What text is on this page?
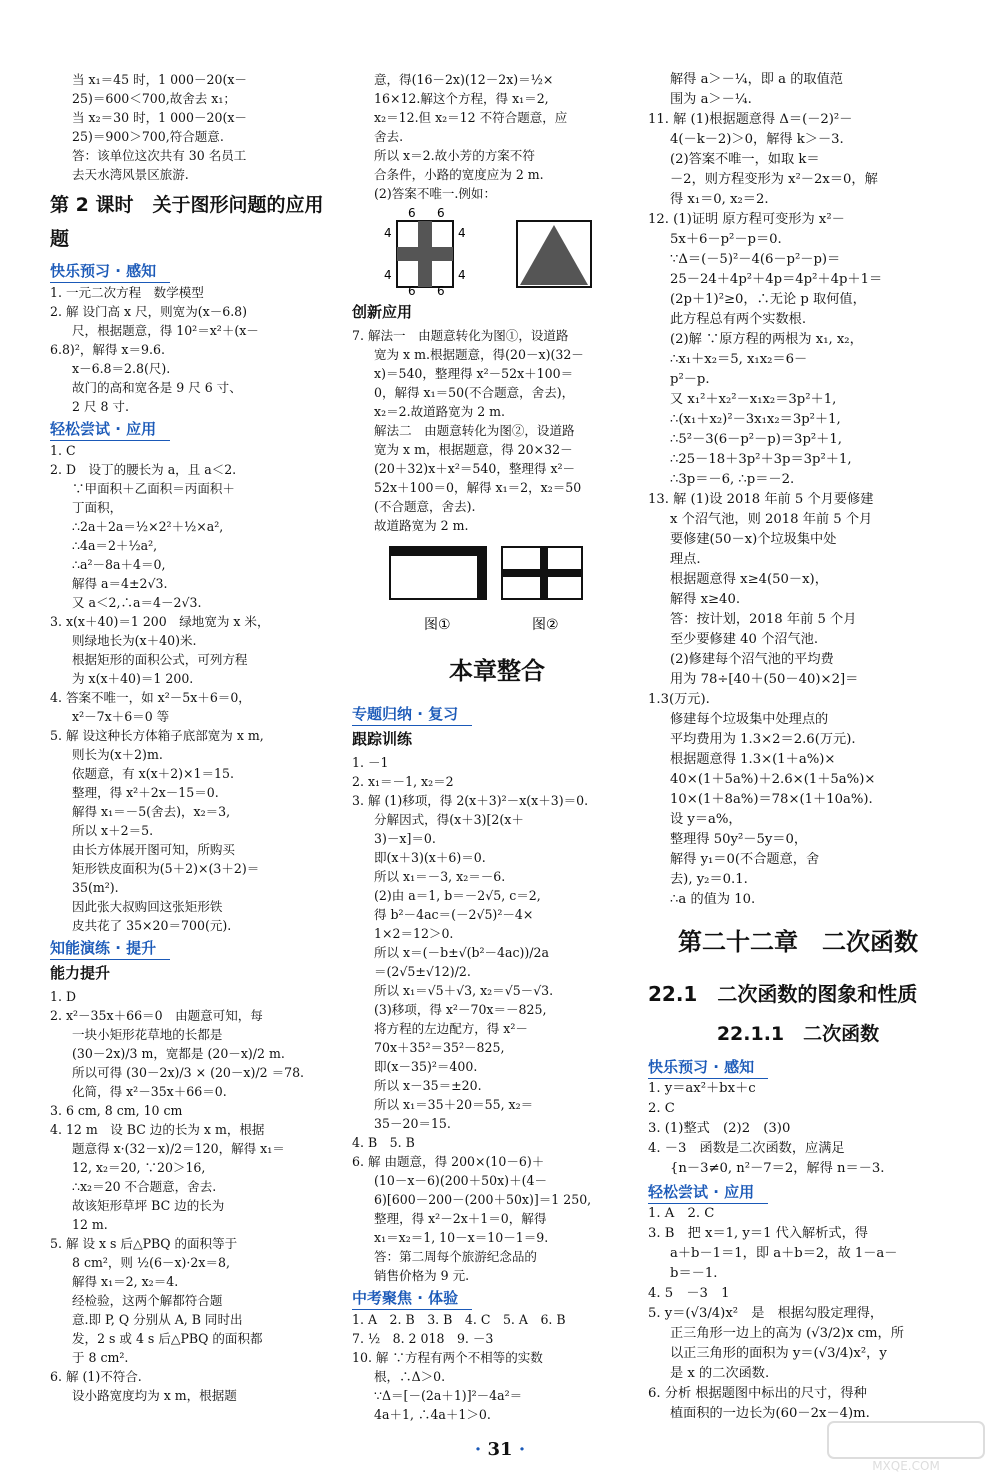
当 x₁＝45 时，1 000－20(x－
25)＝600＜700,故舍去 x₁；
当 x₂＝30 时，1 000－20(x－
25)＝900＞700,符合题意.
答：该单位这次共有 30 名员工
去天水湾风景区旅游.
第 2 课时　关于图形问题的应用题
快乐预习 · 感知
1. 一元二次方程　数学模型
2. 解 设门高 x 尺，则宽为(x－6.8)
尺，根据题意，得 10²＝x²＋(x－
6.8)²，解得 x＝9.6.
x－6.8＝2.8(尺).
故门的高和宽各是 9 尺 6 寸、
2 尺 8 寸.
轻松尝试 · 应用
1. C
2. D　设丁的腰长为 a，且 a＜2.
∵甲面积＋乙面积＝丙面积＋
丁面积，
∴2a＋2a＝½×2²＋½×a²,
∴4a＝2＋½a²,
∴a²－8a＋4＝0,
解得 a＝4±2√3.
又 a＜2,∴a＝4－2√3.
3. x(x＋40)＝1 200　绿地宽为 x 米，
则绿地长为(x＋40)米.
根据矩形的面积公式，可列方程
为 x(x＋40)＝1 200.
4. 答案不唯一，如 x²－5x＋6＝0，
x²－7x＋6＝0 等
5. 解 设这种长方体箱子底部宽为 x m,
则长为(x＋2)m.
依题意，有 x(x＋2)×1＝15.
整理，得 x²＋2x－15＝0.
解得 x₁＝－5(舍去)，x₂＝3,
所以 x＋2＝5.
由长方体展开图可知，所购买
矩形铁皮面积为(5＋2)×(3＋2)＝
35(m²).
因此张大叔购回这张矩形铁
皮共花了 35×20＝700(元).
知能演练 · 提升
能力提升
1. D
2. x²－35x＋66＝0　由题意可知，每
一块小矩形花草地的长都是
(30－2x)/3 m，宽都是 (20－x)/2 m.
所以可得 (30－2x)/3 × (20－x)/2 ＝78.
化简，得 x²－35x＋66＝0.
3. 6 cm, 8 cm, 10 cm
4. 12 m　设 BC 边的长为 x m，根据
题意得 x·(32－x)/2＝120，解得 x₁＝
12, x₂＝20, ∵20＞16,
∴x₂＝20 不合题意，舍去.
故该矩形草坪 BC 边的长为
12 m.
5. 解 设 x s 后△PBQ 的面积等于
8 cm²，则 ½(6－x)·2x＝8,
解得 x₁＝2, x₂＝4.
经检验，这两个解都符合题
意.即 P, Q 分别从 A, B 同时出
发，2 s 或 4 s 后△PBQ 的面积都
于 8 cm².
6. 解 (1)不符合.
设小路宽度均为 x m，根据题
意，得(16－2x)(12－2x)＝½×
16×12.解这个方程，得 x₁＝2,
x₂＝12.但 x₂＝12 不符合题意，应
舍去.
所以 x＝2.故小芳的方案不符
合条件，小路的宽度应为 2 m.
(2)答案不唯一.例如：
6 6
4
4
4
4
6 6
创新应用
7. 解法一　由题意转化为图①，设道路
宽为 x m.根据题意，得(20－x)(32－
x)＝540，整理得 x²－52x＋100＝
0，解得 x₁＝50(不合题意，舍去)，
x₂＝2.故道路宽为 2 m.
解法二　由题意转化为图②，设道路
宽为 x m，根据题意，得 20×32－
(20＋32)x＋x²＝540，整理得 x²－
52x＋100＝0，解得 x₁＝2，x₂＝50
(不合题意，舍去).
故道路宽为 2 m.
图①	图②
本章整合
专题归纳 · 复习
跟踪训练
1. －1
2. x₁＝－1, x₂＝2
3. 解 (1)移项，得 2(x＋3)²－x(x＋3)＝0.
分解因式，得(x＋3)[2(x＋
3)－x]＝0.
即(x＋3)(x＋6)＝0.
所以 x₁＝－3, x₂＝－6.
(2)由 a＝1, b＝－2√5, c＝2,
得 b²－4ac＝(－2√5)²－4×
1×2＝12＞0.
所以 x＝(－b±√(b²－4ac))/2a
＝(2√5±√12)/2.
所以 x₁＝√5＋√3, x₂＝√5－√3.
(3)移项，得 x²－70x＝－825,
将方程的左边配方，得 x²－
70x＋35²＝35²－825,
即(x－35)²＝400.
所以 x－35＝±20.
所以 x₁＝35＋20＝55, x₂＝
35－20＝15.
4. B　5. B
6. 解 由题意，得 200×(10－6)＋
(10－x－6)(200＋50x)＋(4－
6)[600－200－(200＋50x)]＝1 250,
整理，得 x²－2x＋1＝0，解得
x₁＝x₂＝1, 10－x＝10－1＝9.
答：第二周每个旅游纪念品的
销售价格为 9 元.
中考聚焦 · 体验
1. A　2. B　3. B　4. C　5. A　6. B
7. ½　8. 2 018　9. －3
10. 解 ∵方程有两个不相等的实数
根，∴Δ＞0.
∵Δ＝[－(2a＋1)]²－4a²＝
4a＋1, ∴4a＋1＞0.
解得 a＞－¼，即 a 的取值范
围为 a＞－¼.
11. 解 (1)根据题意得 Δ＝(－2)²－
4(－k－2)＞0，解得 k＞－3.
(2)答案不唯一，如取 k＝
－2，则方程变形为 x²－2x＝0，解
得 x₁＝0, x₂＝2.
12. (1)证明 原方程可变形为 x²－
5x＋6－p²－p＝0.
∵Δ＝(－5)²－4(6－p²－p)＝
25－24＋4p²＋4p＝4p²＋4p＋1＝
(2p＋1)²≥0，∴无论 p 取何值，
此方程总有两个实数根.
(2)解 ∵原方程的两根为 x₁, x₂，
∴x₁＋x₂＝5, x₁x₂＝6－
p²－p.
又 x₁²＋x₂²－x₁x₂＝3p²＋1,
∴(x₁＋x₂)²－3x₁x₂＝3p²＋1,
∴5²－3(6－p²－p)＝3p²＋1,
∴25－18＋3p²＋3p＝3p²＋1,
∴3p＝－6, ∴p＝－2.
13. 解 (1)设 2018 年前 5 个月要修建
x 个沼气池，则 2018 年前 5 个月
要修建(50－x)个垃圾集中处
理点.
根据题意得 x≥4(50－x)，
解得 x≥40.
答：按计划，2018 年前 5 个月
至少要修建 40 个沼气池.
(2)修建每个沼气池的平均费
用为 78÷[40＋(50－40)×2]＝
1.3(万元).
修建每个垃圾集中处理点的
平均费用为 1.3×2＝2.6(万元).
根据题意得 1.3×(1＋a%)×
40×(1＋5a%)＋2.6×(1＋5a%)×
10×(1＋8a%)＝78×(1＋10a%).
设 y＝a%，
整理得 50y²－5y＝0，
解得 y₁＝0(不合题意，舍
去), y₂＝0.1.
∴a 的值为 10.
第二十二章　二次函数
22.1　二次函数的图象和性质
22.1.1　二次函数
快乐预习 · 感知
1. y＝ax²＋bx＋c
2. C
3. (1)整式　(2)2　(3)0
4. －3　函数是二次函数，应满足
{n－3≠0, n²－7＝2，解得 n＝－3.
轻松尝试 · 应用
1. A　2. C
3. B　把 x＝1, y＝1 代入解析式，得
a＋b－1＝1，即 a＋b＝2，故 1－a－
b＝－1.
4. 5　－3　1
5. y＝(√3/4)x²　是　根据勾股定理得，
正三角形一边上的高为 (√3/2)x cm，所
以正三角形的面积为 y＝(√3/4)x²，y
是 x 的二次函数.
6. 分析 根据题图中标出的尺寸，得种
植面积的一边长为(60－2x－4)m.
· 31 ·
MXQE.COM
